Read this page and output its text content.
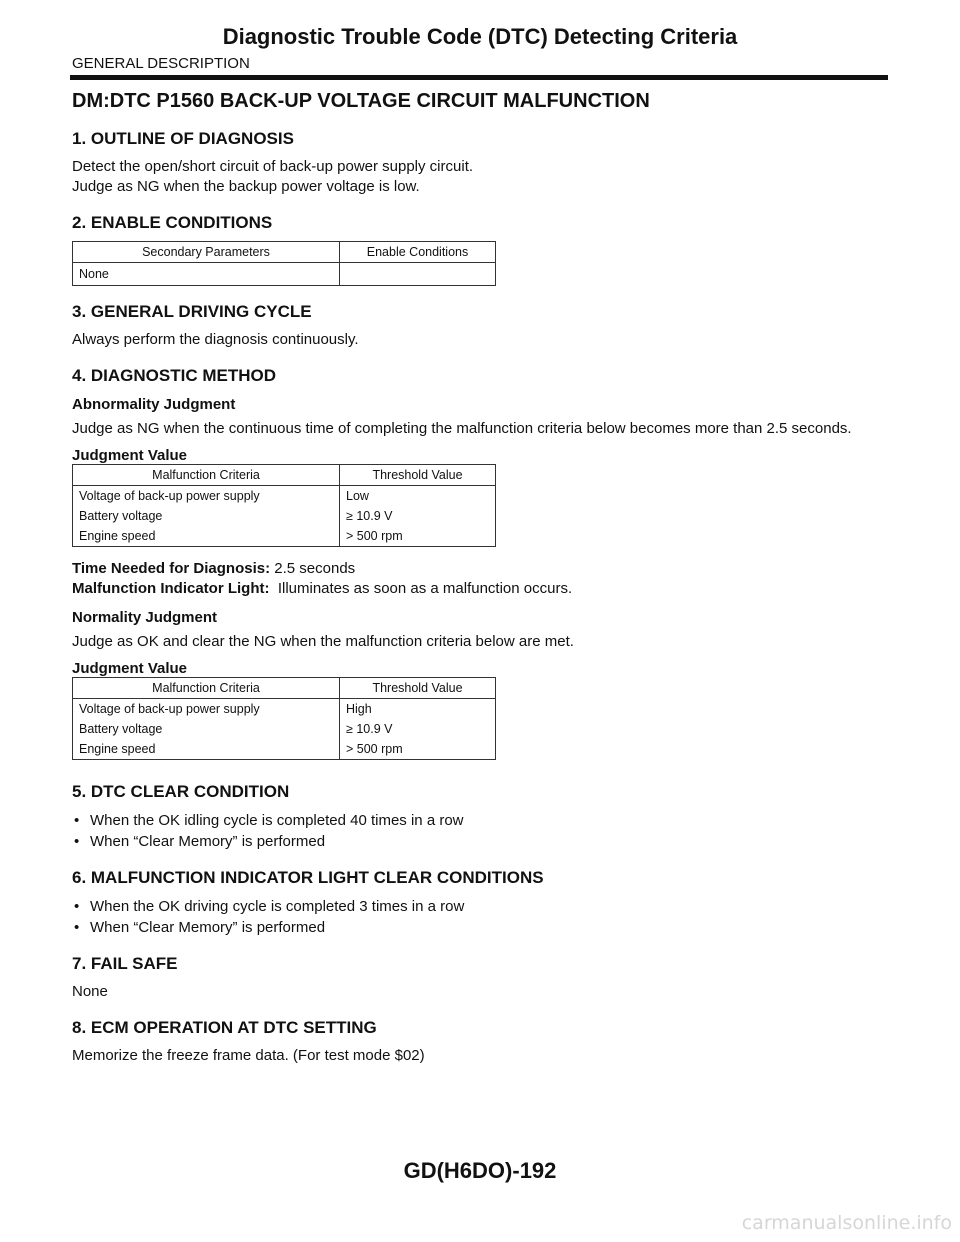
Diagnostic Trouble Code (DTC) Detecting Criteria
GENERAL DESCRIPTION
DM:DTC P1560 BACK-UP VOLTAGE CIRCUIT MALFUNCTION
1. OUTLINE OF DIAGNOSIS

Detect the open/short circuit of back-up power supply circuit.

Judge as NG when the backup power voltage is low.

2. ENABLE CONDITIONS
Secondary Parameters	Enable Conditions
None	
3. GENERAL DRIVING CYCLE

Always perform the diagnosis continuously.

4. DIAGNOSTIC METHOD
Abnormality Judgment

Judge as NG when the continuous time of completing the malfunction criteria below becomes more than 2.5 seconds.

Judgment Value
Malfunction Criteria	Threshold Value
Voltage of back-up power supply	Low
Battery voltage	≥ 10.9 V
Engine speed	> 500 rpm
Time Needed for Diagnosis: 2.5 seconds
Malfunction Indicator Light:  Illuminates as soon as a malfunction occurs.
Normality Judgment

Judge as OK and clear the NG when the malfunction criteria below are met.

Judgment Value
Malfunction Criteria	Threshold Value
Voltage of back-up power supply	High
Battery voltage	≥ 10.9 V
Engine speed	> 500 rpm
5. DTC CLEAR CONDITION
• When the OK idling cycle is completed 40 times in a row
• When “Clear Memory” is performed
6. MALFUNCTION INDICATOR LIGHT CLEAR CONDITIONS
• When the OK driving cycle is completed 3 times in a row
• When “Clear Memory” is performed
7. FAIL SAFE

None

8. ECM OPERATION AT DTC SETTING

Memorize the freeze frame data. (For test mode $02)

GD(H6DO)-192
carmanualsonline.info
